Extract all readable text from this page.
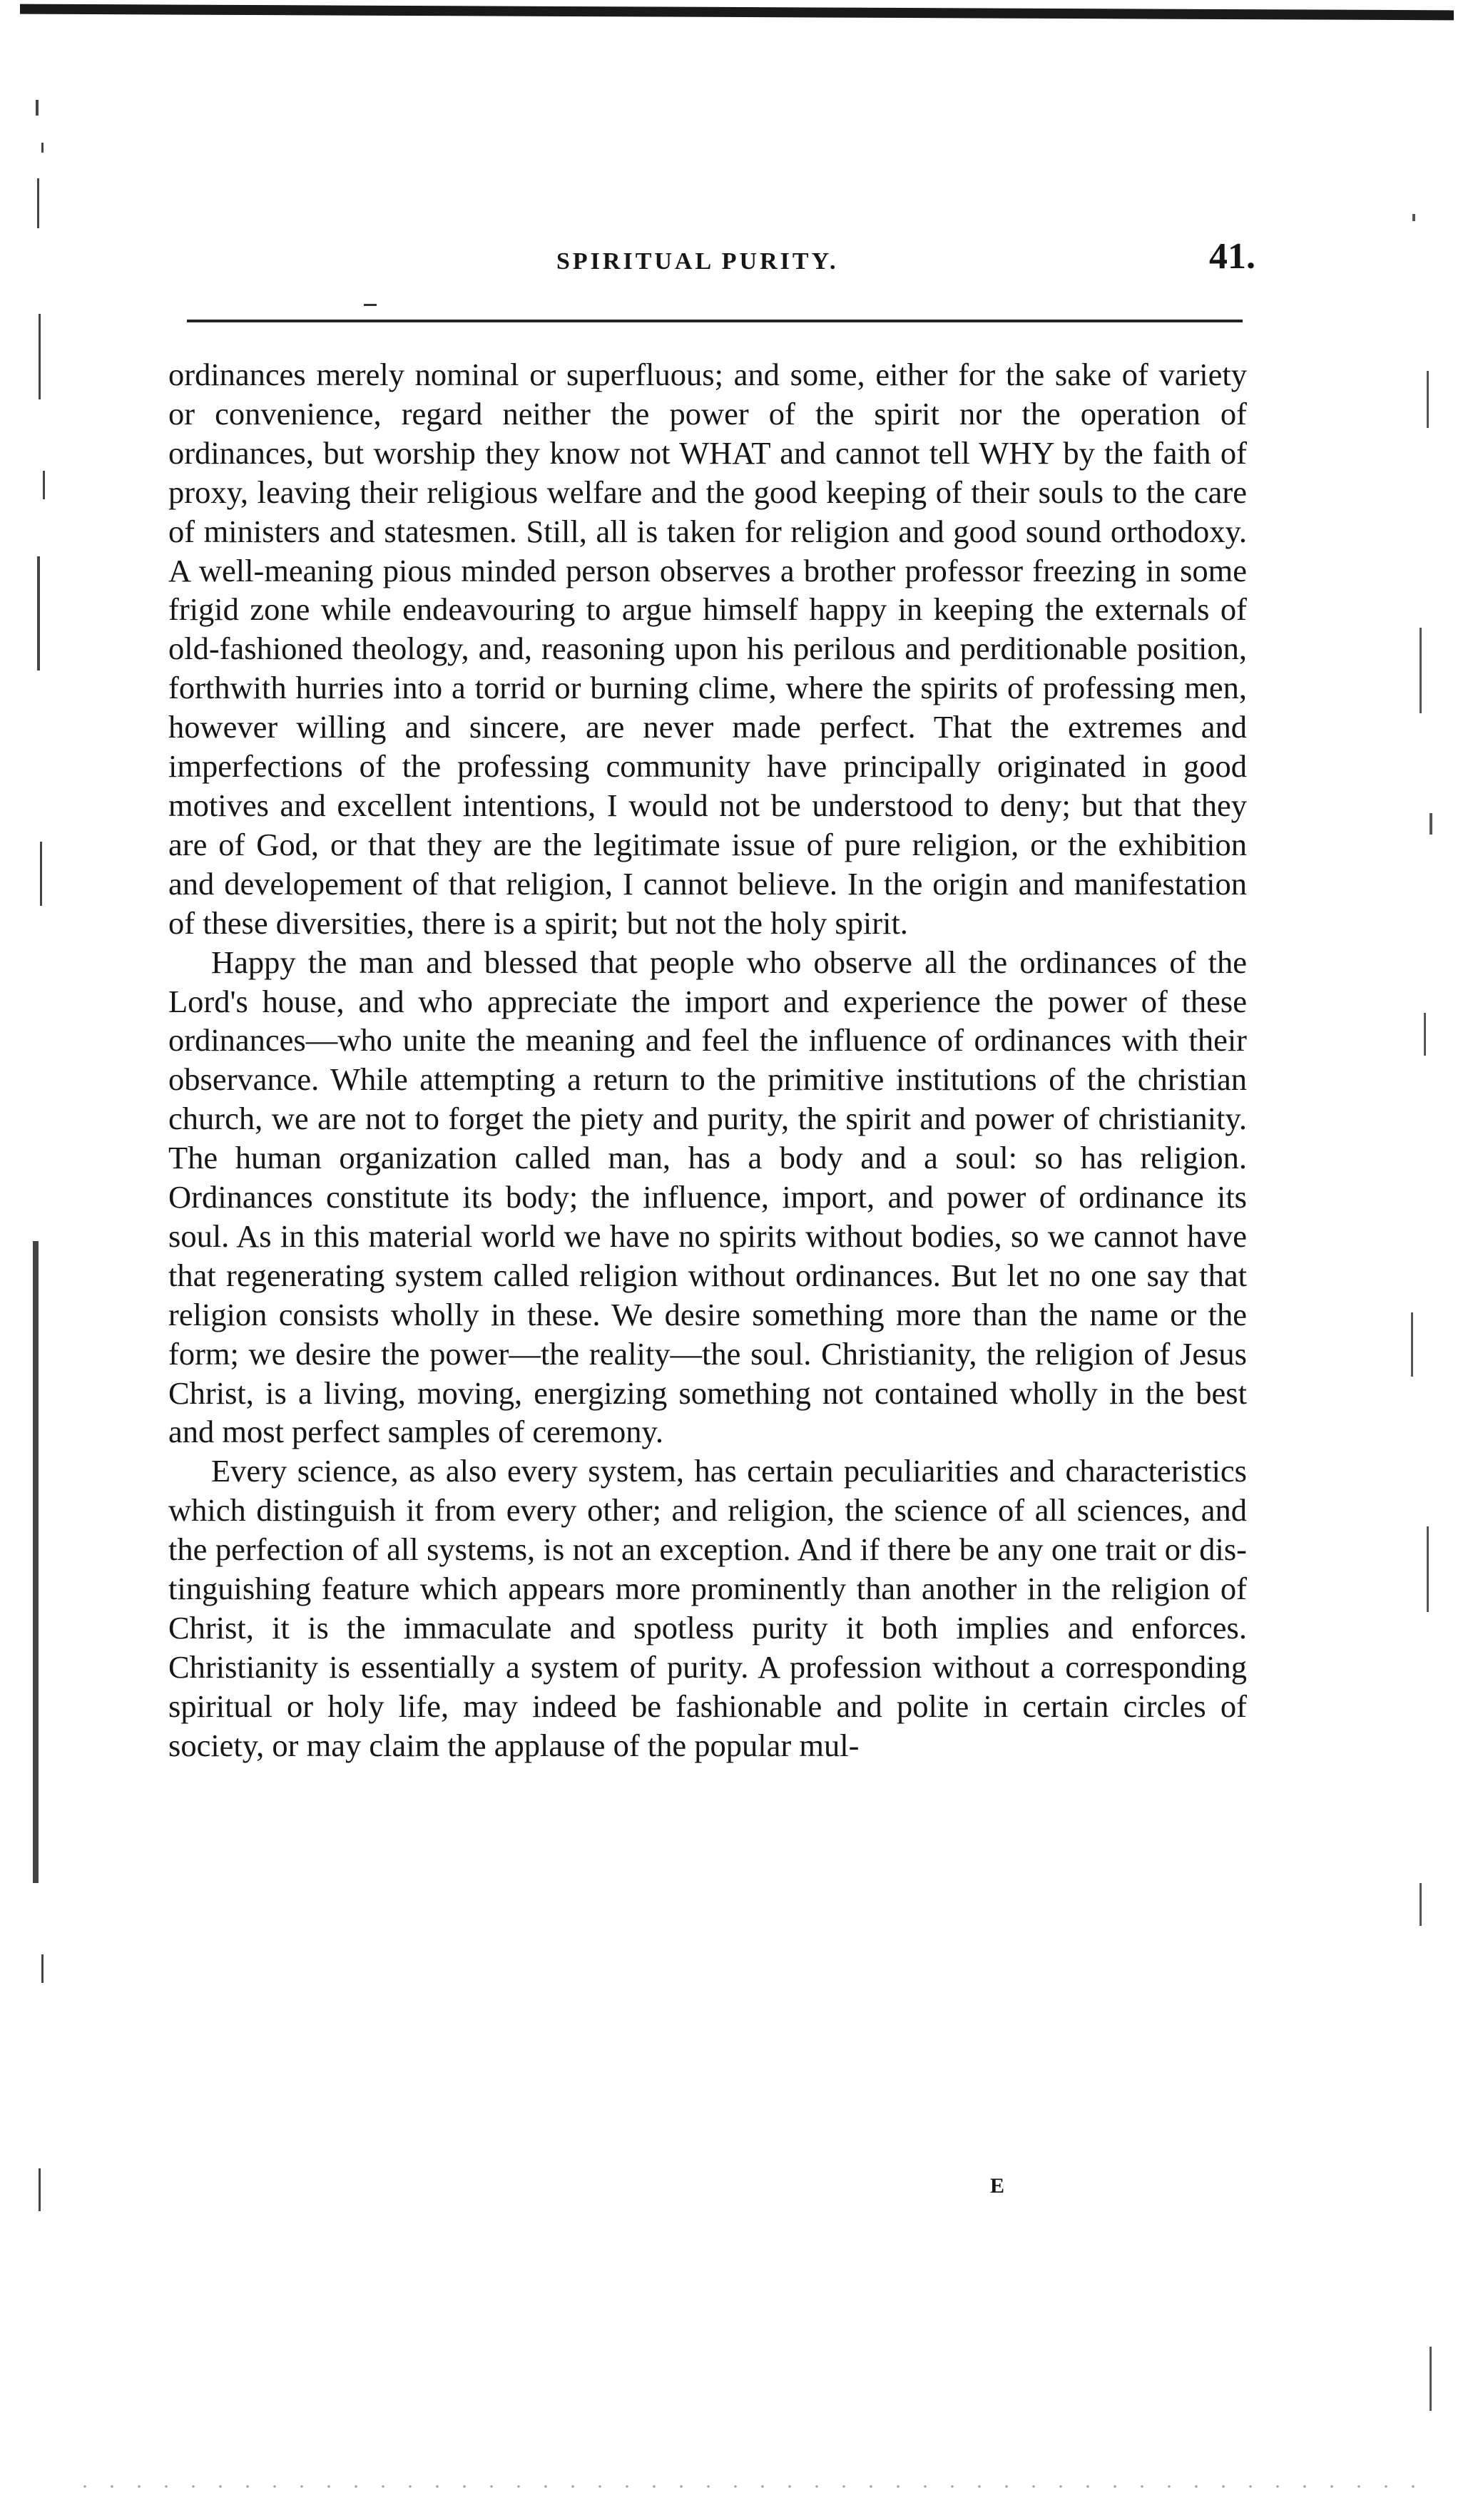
SPIRITUAL PURITY.	41.

ordinances merely nominal or superfluous; and some, either for the sake of variety or convenience, regard neither the power of the spirit nor the operation of ordinances, but worship they know not WHAT and cannot tell WHY by the faith of proxy, leaving their religious welfare and the good keeping of their souls to the care of ministers and statesmen. Still, all is taken for religion and good sound orthodoxy. A well-meaning pious minded person observes a brother professor freezing in some frigid zone while endeavouring to argue himself happy in keeping the externals of old-fashioned theology, and, reasoning upon his perilous and perditionable position, forthwith hurries into a torrid or burning clime, where the spirits of professing men, however willing and sincere, are never made perfect. That the extremes and imperfections of the professing community have principally originated in good motives and excellent intentions, I would not be understood to deny; but that they are of God, or that they are the legitimate issue of pure religion, or the exhibition and developement of that religion, I cannot believe. In the origin and manifestation of these diversities, there is a spirit; but not the holy spirit.

Happy the man and blessed that people who observe all the ordinances of the Lord's house, and who appreciate the import and experience the power of these ordinances—who unite the meaning and feel the influence of ordinances with their observance. While attempting a return to the primitive institutions of the christian church, we are not to forget the piety and purity, the spirit and power of christianity. The human organization called man, has a body and a soul: so has religion. Ordinances constitute its body; the influence, import, and power of ordinance its soul. As in this material world we have no spirits without bodies, so we cannot have that regenerating system called religion without ordinances. But let no one say that religion consists wholly in these. We desire something more than the name or the form; we desire the power—the reality—the soul. Christianity, the religion of Jesus Christ, is a living, moving, energizing something not contained wholly in the best and most perfect samples of ceremony.

Every science, as also every system, has certain peculiarities and characteristics which distinguish it from every other; and religion, the science of all sciences, and the perfection of all systems, is not an exception. And if there be any one trait or distinguishing feature which appears more prominently than another in the religion of Christ, it is the immaculate and spotless purity it both implies and enforces. Christianity is essentially a system of purity. A profession without a corresponding spiritual or holy life, may indeed be fashionable and polite in certain circles of society, or may claim the applause of the popular mul-

E
